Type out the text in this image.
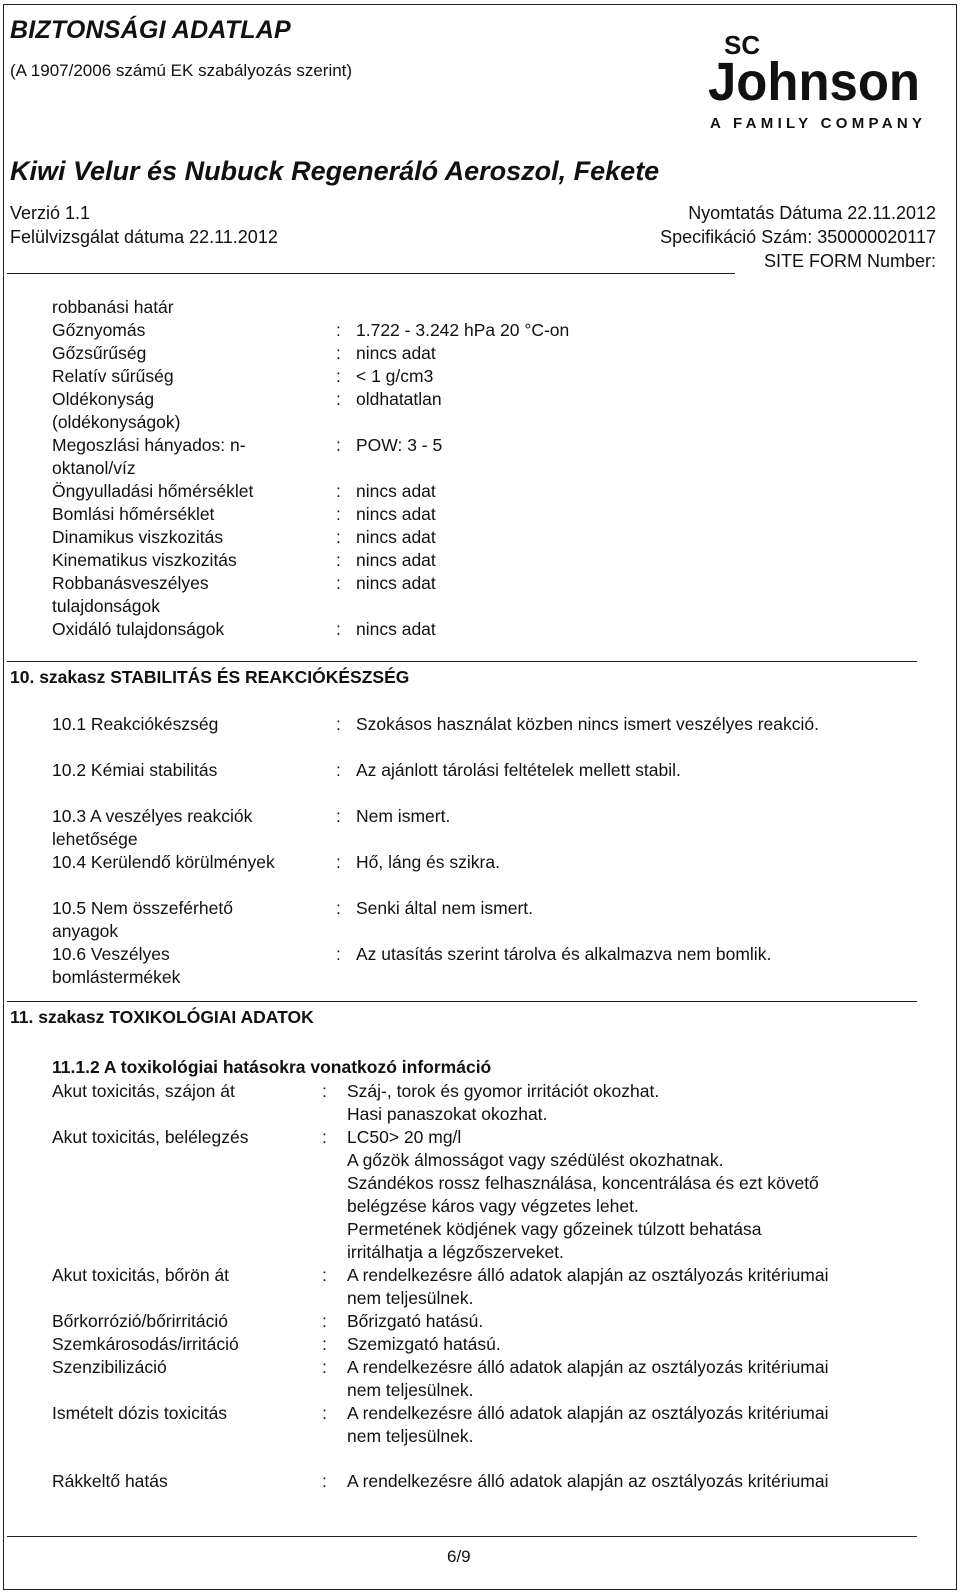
BIZTONSÁGI ADATLAP
(A 1907/2006 számú EK szabályozás szerint)
SC
Johnson
A FAMILY COMPANY
Kiwi Velur és Nubuck Regeneráló Aeroszol, Fekete
Verzió 1.1
Felülvizsgálat dátuma 22.11.2012
Nyomtatás Dátuma 22.11.2012
Specifikáció Szám: 350000020117
SITE FORM Number:
robbanási határ
Gőznyomás	: 1.722 - 3.242 hPa 20 °C-on
Gőzsűrűség	: nincs adat
Relatív sűrűség	: < 1 g/cm3
Oldékonyság (oldékonyságok)
: oldhatatlan
Megoszlási hányados: n-oktanol/víz
: POW: 3 - 5
Öngyulladási hőmérséklet	: nincs adat
Bomlási hőmérséklet	: nincs adat
Dinamikus viszkozitás	: nincs adat
Kinematikus viszkozitás	: nincs adat
Robbanásveszélyes tulajdonságok
: nincs adat
Oxidáló tulajdonságok	: nincs adat
10. szakasz STABILITÁS ÉS REAKCIÓKÉSZSÉG
10.1 Reakciókészség	: Szokásos használat közben nincs ismert veszélyes reakció.
10.2 Kémiai stabilitás	: Az ajánlott tárolási feltételek mellett stabil.
10.3 A veszélyes reakciók lehetősége
: Nem ismert.
10.4 Kerülendő körülmények	: Hő, láng és szikra.
10.5 Nem összeférhető anyagok
: Senki által nem ismert.
10.6 Veszélyes bomlástermékek
: Az utasítás szerint tárolva és alkalmazva nem bomlik.
11. szakasz TOXIKOLÓGIAI ADATOK
11.1.2 A toxikológiai hatásokra vonatkozó információ
Akut toxicitás, szájon át	: Száj-, torok és gyomor irritációt okozhat.
Hasi panaszokat okozhat.
Akut toxicitás, belélegzés	: LC50> 20 mg/l
A gőzök álmosságot vagy szédülést okozhatnak.
Szándékos rossz felhasználása, koncentrálása és ezt követő
belégzése káros vagy végzetes lehet.
Permetének ködjének vagy gőzeinek túlzott behatása
irritálhatja a légzőszerveket.
Akut toxicitás, bőrön át	: A rendelkezésre álló adatok alapján az osztályozás kritériumai
nem teljesülnek.
Bőrkorrózió/bőrirritáció	: Bőrizgató hatású.
Szemkárosodás/irritáció	: Szemizgató hatású.
Szenzibilizáció	: A rendelkezésre álló adatok alapján az osztályozás kritériumai
nem teljesülnek.
Ismételt dózis toxicitás	: A rendelkezésre álló adatok alapján az osztályozás kritériumai
nem teljesülnek.
Rákkeltő hatás	: A rendelkezésre álló adatok alapján az osztályozás kritériumai
6/9
